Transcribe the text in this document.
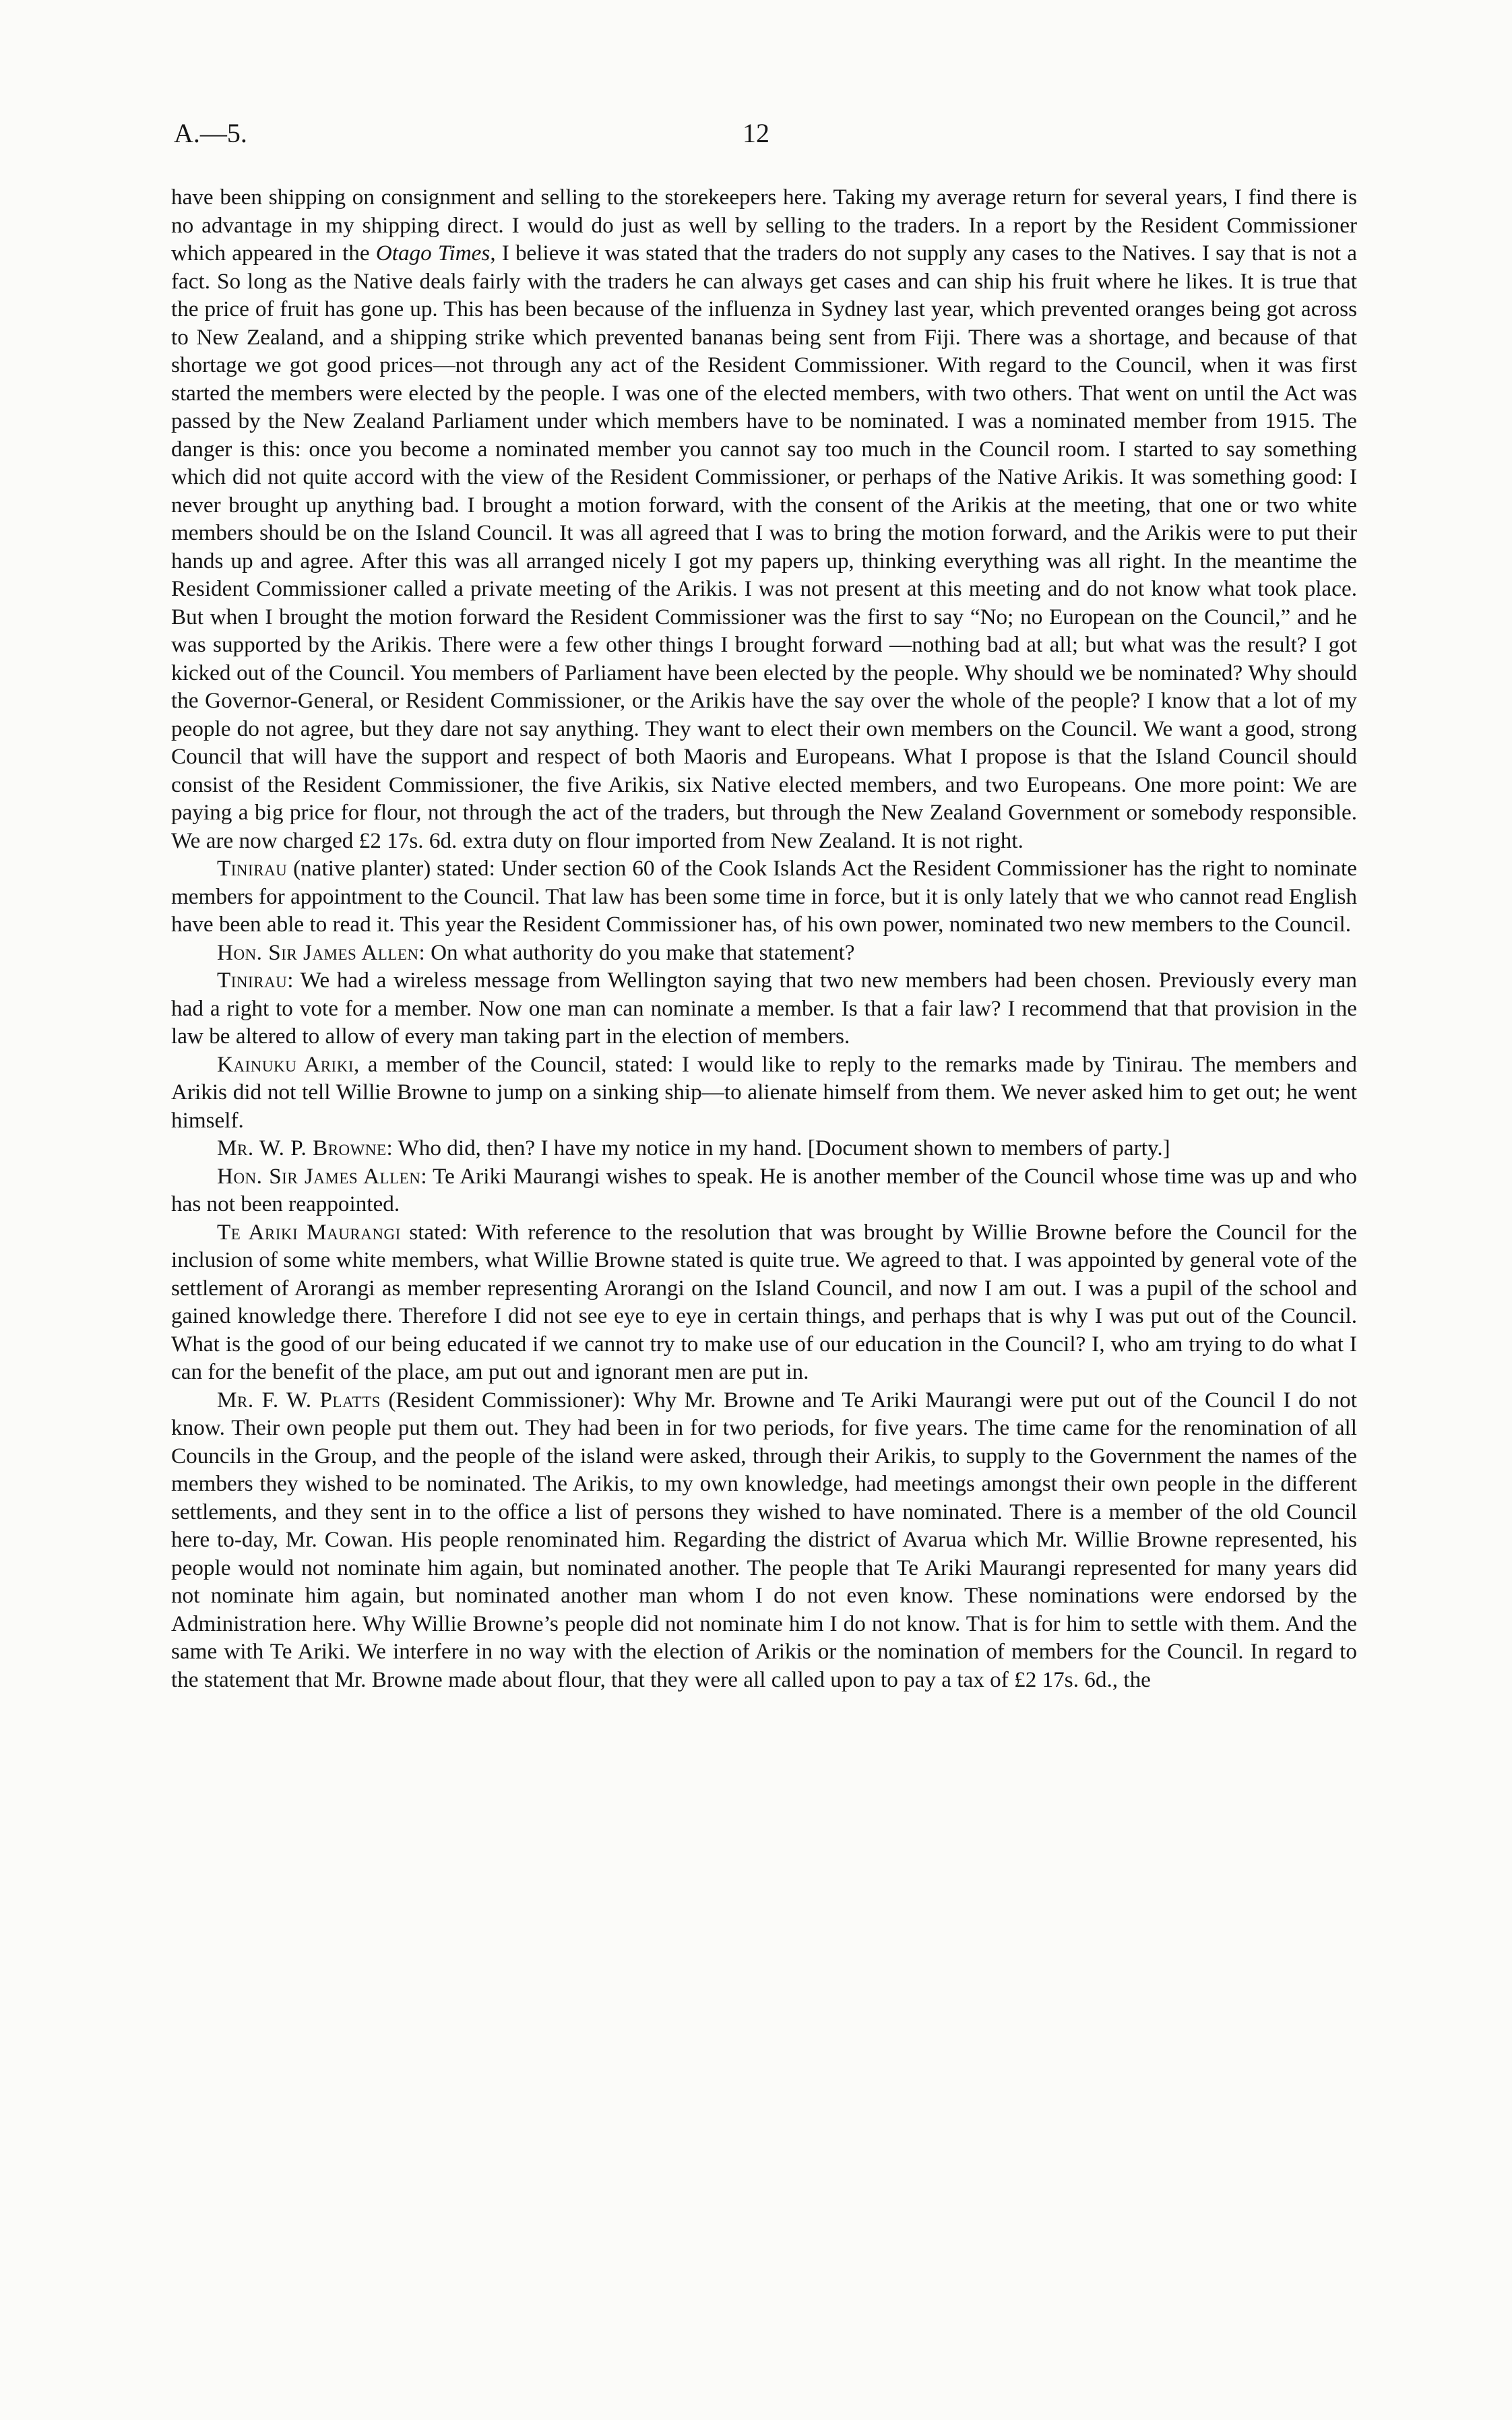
A.—5.	12

have been shipping on consignment and selling to the storekeepers here. Taking my average return for several years, I find there is no advantage in my shipping direct. I would do just as well by selling to the traders. In a report by the Resident Commissioner which appeared in the Otago Times, I believe it was stated that the traders do not supply any cases to the Natives. I say that is not a fact. So long as the Native deals fairly with the traders he can always get cases and can ship his fruit where he likes. It is true that the price of fruit has gone up. This has been because of the influenza in Sydney last year, which prevented oranges being got across to New Zealand, and a shipping strike which prevented bananas being sent from Fiji. There was a shortage, and because of that shortage we got good prices—not through any act of the Resident Commissioner. With regard to the Council, when it was first started the members were elected by the people. I was one of the elected members, with two others. That went on until the Act was passed by the New Zealand Parliament under which members have to be nominated. I was a nominated member from 1915. The danger is this: once you become a nominated member you cannot say too much in the Council room. I started to say something which did not quite accord with the view of the Resident Commissioner, or perhaps of the Native Arikis. It was something good: I never brought up anything bad. I brought a motion forward, with the consent of the Arikis at the meeting, that one or two white members should be on the Island Council. It was all agreed that I was to bring the motion forward, and the Arikis were to put their hands up and agree. After this was all arranged nicely I got my papers up, thinking everything was all right. In the meantime the Resident Commissioner called a private meeting of the Arikis. I was not present at this meeting and do not know what took place. But when I brought the motion forward the Resident Commissioner was the first to say “No; no European on the Council,” and he was supported by the Arikis. There were a few other things I brought forward —nothing bad at all; but what was the result? I got kicked out of the Council. You members of Parliament have been elected by the people. Why should we be nominated? Why should the Governor-General, or Resident Commissioner, or the Arikis have the say over the whole of the people? I know that a lot of my people do not agree, but they dare not say anything. They want to elect their own members on the Council. We want a good, strong Council that will have the support and respect of both Maoris and Europeans. What I propose is that the Island Council should consist of the Resident Commissioner, the five Arikis, six Native elected members, and two Europeans. One more point: We are paying a big price for flour, not through the act of the traders, but through the New Zealand Government or somebody responsible. We are now charged £2 17s. 6d. extra duty on flour imported from New Zealand. It is not right.

Tinirau (native planter) stated: Under section 60 of the Cook Islands Act the Resident Commissioner has the right to nominate members for appointment to the Council. That law has been some time in force, but it is only lately that we who cannot read English have been able to read it. This year the Resident Commissioner has, of his own power, nominated two new members to the Council.

Hon. Sir James Allen: On what authority do you make that statement?

Tinirau: We had a wireless message from Wellington saying that two new members had been chosen. Previously every man had a right to vote for a member. Now one man can nominate a member. Is that a fair law? I recommend that that provision in the law be altered to allow of every man taking part in the election of members.

Kainuku Ariki, a member of the Council, stated: I would like to reply to the remarks made by Tinirau. The members and Arikis did not tell Willie Browne to jump on a sinking ship—to alienate himself from them. We never asked him to get out; he went himself.

Mr. W. P. Browne: Who did, then? I have my notice in my hand. [Document shown to members of party.]

Hon. Sir James Allen: Te Ariki Maurangi wishes to speak. He is another member of the Council whose time was up and who has not been reappointed.

Te Ariki Maurangi stated: With reference to the resolution that was brought by Willie Browne before the Council for the inclusion of some white members, what Willie Browne stated is quite true. We agreed to that. I was appointed by general vote of the settlement of Arorangi as member representing Arorangi on the Island Council, and now I am out. I was a pupil of the school and gained knowledge there. Therefore I did not see eye to eye in certain things, and perhaps that is why I was put out of the Council. What is the good of our being educated if we cannot try to make use of our education in the Council? I, who am trying to do what I can for the benefit of the place, am put out and ignorant men are put in.

Mr. F. W. Platts (Resident Commissioner): Why Mr. Browne and Te Ariki Maurangi were put out of the Council I do not know. Their own people put them out. They had been in for two periods, for five years. The time came for the renomination of all Councils in the Group, and the people of the island were asked, through their Arikis, to supply to the Government the names of the members they wished to be nominated. The Arikis, to my own knowledge, had meetings amongst their own people in the different settlements, and they sent in to the office a list of persons they wished to have nominated. There is a member of the old Council here to-day, Mr. Cowan. His people renominated him. Regarding the district of Avarua which Mr. Willie Browne represented, his people would not nominate him again, but nominated another. The people that Te Ariki Maurangi represented for many years did not nominate him again, but nominated another man whom I do not even know. These nominations were endorsed by the Administration here. Why Willie Browne’s people did not nominate him I do not know. That is for him to settle with them. And the same with Te Ariki. We interfere in no way with the election of Arikis or the nomination of members for the Council. In regard to the statement that Mr. Browne made about flour, that they were all called upon to pay a tax of £2 17s. 6d., the
